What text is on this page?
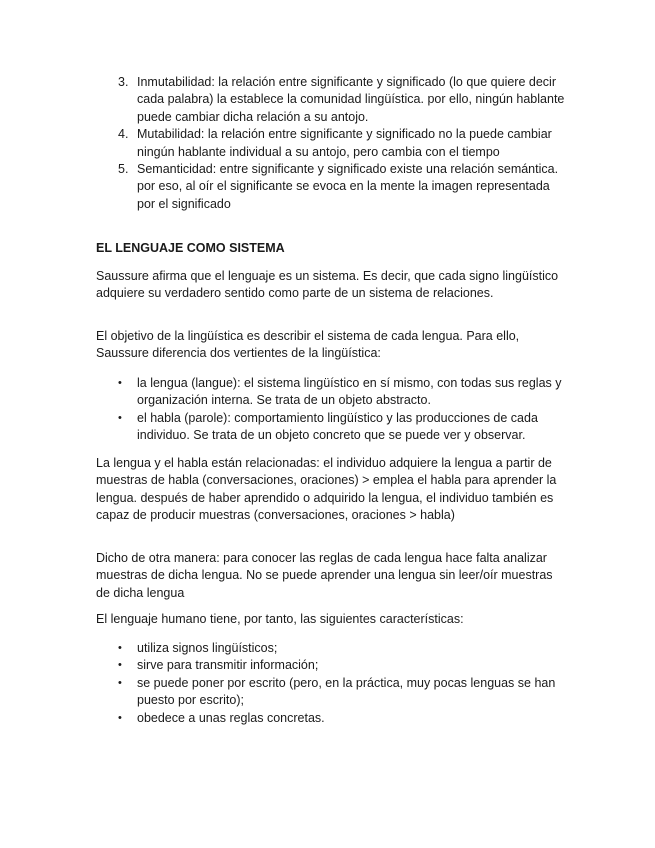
3. Inmutabilidad: la relación entre significante y significado (lo que quiere decir cada palabra) la establece la comunidad lingüística. por ello, ningún hablante puede cambiar dicha relación a su antojo.
4. Mutabilidad: la relación entre significante y significado no la puede cambiar ningún hablante individual a su antojo, pero cambia con el tiempo
5. Semanticidad: entre significante y significado existe una relación semántica. por eso, al oír el significante se evoca en la mente la imagen representada por el significado
EL LENGUAJE COMO SISTEMA

Saussure afirma que el lenguaje es un sistema. Es decir, que cada signo lingüístico adquiere su verdadero sentido como parte de un sistema de relaciones.

El objetivo de la lingüística es describir el sistema de cada lengua. Para ello, Saussure diferencia dos vertientes de la lingüística:

•	la lengua (langue): el sistema lingüístico en sí mismo, con todas sus reglas y organización interna. Se trata de un objeto abstracto.
•	el habla (parole): comportamiento lingüístico y las producciones de cada individuo. Se trata de un objeto concreto que se puede ver y observar.

La lengua y el habla están relacionadas: el individuo adquiere la lengua a partir de muestras de habla (conversaciones, oraciones) > emplea el habla para aprender la lengua. después de haber aprendido o adquirido la lengua, el individuo también es capaz de producir muestras (conversaciones, oraciones > habla)

Dicho de otra manera: para conocer las reglas de cada lengua hace falta analizar muestras de dicha lengua. No se puede aprender una lengua sin leer/oír muestras de dicha lengua

El lenguaje humano tiene, por tanto, las siguientes características:

•	utiliza signos lingüísticos;
•	sirve para transmitir información;
•	se puede poner por escrito (pero, en la práctica, muy pocas lenguas se han puesto por escrito);
•	obedece a unas reglas concretas.
